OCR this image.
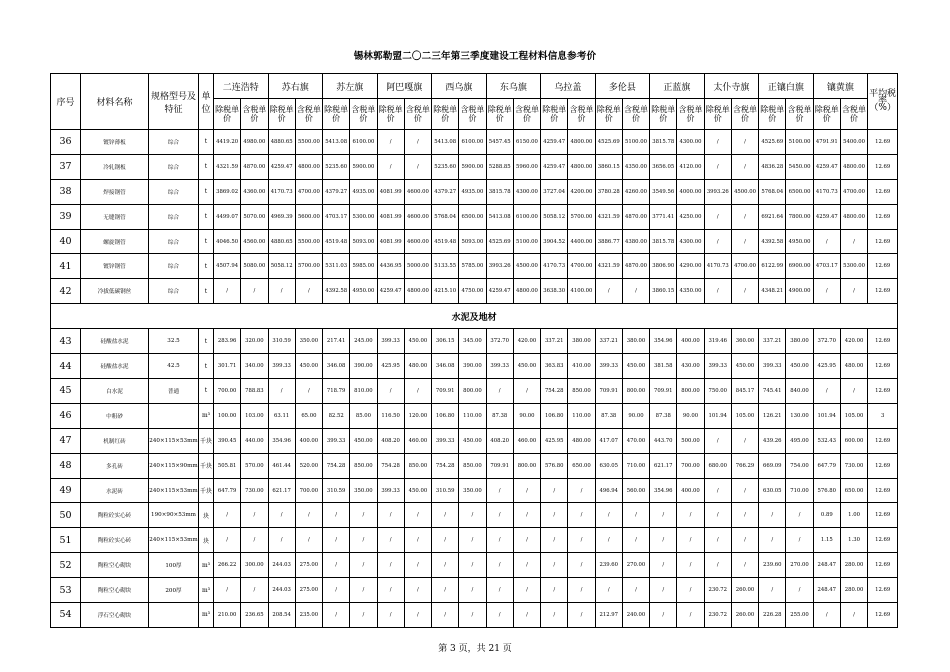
锡林郭勒盟二〇二三年第三季度建设工程材料信息参考价
序号	材料名称	规格型号及特征	单位	二连浩特		苏右旗		苏左旗		阿巴嘎旗		西乌旗		东乌旗		乌拉盖		多伦县		正蓝旗		太仆寺旗		正镶白旗		镶黄旗		平均税率（%）
				除税单价	含税单价	除税单价	含税单价	除税单价	含税单价	除税单价	含税单价	除税单价	含税单价	除税单价	含税单价	除税单价	含税单价	除税单价	含税单价	除税单价	含税单价	除税单价	含税单价	除税单价	含税单价	除税单价	含税单价	
36	镀锌薄板	综合	t	4419.20	4980.00	4880.65	5500.00	5413.08	6100.00	/	/	5413.08	6100.00	5457.45	6150.00	4259.47	4800.00	4525.69	5100.00	3815.78	4300.00	/	/	4525.69	5100.00	4791.91	5400.00	12.69
37	冷轧钢板	综合	t	4321.59	4870.00	4259.47	4800.00	5235.60	5900.00	/	/	5235.60	5900.00	5288.85	5960.00	4259.47	4800.00	3860.15	4350.00	3656.05	4120.00	/	/	4836.28	5450.00	4259.47	4800.00	12.69
38	焊接钢管	综合	t	3869.02	4360.00	4170.73	4700.00	4379.27	4935.00	4081.99	4600.00	4379.27	4935.00	3815.78	4300.00	3727.04	4200.00	3780.28	4260.00	3549.56	4000.00	3993.26	4500.00	5768.04	6500.00	4170.73	4700.00	12.69
39	无缝钢管	综合	t	4499.07	5070.00	4969.39	5600.00	4703.17	5300.00	4081.99	4600.00	5768.04	6500.00	5413.08	6100.00	5058.12	5700.00	4321.59	4870.00	3771.41	4250.00	/	/	6921.64	7800.00	4259.47	4800.00	12.69
40	螺旋钢管	综合	t	4046.50	4560.00	4880.65	5500.00	4519.48	5093.00	4081.99	4600.00	4519.48	5093.00	4525.69	5100.00	3904.52	4400.00	3886.77	4380.00	3815.78	4300.00	/	/	4392.58	4950.00	/	/	12.69
41	镀锌钢管	综合	t	4507.94	5080.00	5058.12	5700.00	5311.03	5985.00	4436.95	5000.00	5133.55	5785.00	3993.26	4500.00	4170.73	4700.00	4321.59	4870.00	3806.90	4290.00	4170.73	4700.00	6122.99	6900.00	4703.17	5300.00	12.69
42	冷拔低碳钢丝	综合	t	/	/	/	/	4392.58	4950.00	4259.47	4800.00	4215.10	4750.00	4259.47	4800.00	3638.30	4100.00	/	/	3860.15	4350.00	/	/	4348.21	4900.00	/	/	12.69
水泥及地材																												
43	硅酸盐水泥	32.5	t	283.96	320.00	310.59	350.00	217.41	245.00	399.33	450.00	306.15	345.00	372.70	420.00	337.21	380.00	337.21	380.00	354.96	400.00	319.46	360.00	337.21	380.00	372.70	420.00	12.69
44	硅酸盐水泥	42.5	t	301.71	340.00	399.33	450.00	346.08	390.00	425.95	480.00	346.08	390.00	399.33	450.00	363.83	410.00	399.33	450.00	381.58	430.00	399.33	450.00	399.33	450.00	425.95	480.00	12.69
45	白水泥	普通	t	700.00	788.83	/	/	718.79	810.00	/	/	709.91	800.00	/	/	754.28	850.00	709.91	800.00	709.91	800.00	750.00	845.17	745.41	840.00	/	/	12.69
46	中粗砂		m³	100.00	103.00	63.11	65.00	82.52	85.00	116.50	120.00	106.80	110.00	87.38	90.00	106.80	110.00	87.38	90.00	87.38	90.00	101.94	105.00	126.21	130.00	101.94	105.00	3
47	机制红砖	240×115×53mm	千块	390.45	440.00	354.96	400.00	399.33	450.00	408.20	460.00	399.33	450.00	408.20	460.00	425.95	480.00	417.07	470.00	443.70	500.00	/	/	439.26	495.00	532.43	600.00	12.69
48	多孔砖	240×115×90mm	千块	505.81	570.00	461.44	520.00	754.28	850.00	754.28	850.00	754.28	850.00	709.91	800.00	576.80	650.00	630.05	710.00	621.17	700.00	680.00	766.29	669.09	754.00	647.79	730.00	12.69
49	水泥砖	240×115×53mm	千块	647.79	730.00	621.17	700.00	310.59	350.00	399.33	450.00	310.59	350.00	/	/	/	/	496.94	560.00	354.96	400.00	/	/	630.05	710.00	576.80	650.00	12.69
50	陶粒砼实心砖	190×90×53mm	块	/	/	/	/	/	/	/	/	/	/	/	/	/	/	/	/	/	/	/	/	/	/	0.89	1.00	12.69
51	陶粒砼实心砖	240×115×53mm	块	/	/	/	/	/	/	/	/	/	/	/	/	/	/	/	/	/	/	/	/	/	/	1.15	1.30	12.69
52	陶粒空心砌块	100厚	m³	266.22	300.00	244.03	275.00	/	/	/	/	/	/	/	/	/	/	239.60	270.00	/	/	/	/	239.60	270.00	248.47	280.00	12.69
53	陶粒空心砌块	200厚	m³	/	/	244.03	275.00	/	/	/	/	/	/	/	/	/	/	/	/	/	/	230.72	260.00	/	/	248.47	280.00	12.69
54	浮石空心砌块		m³	210.00	236.65	208.54	235.00	/	/	/	/	/	/	/	/	/	/	212.97	240.00	/	/	230.72	260.00	226.28	255.00	/	/	12.69
第 3 页，共 21 页
